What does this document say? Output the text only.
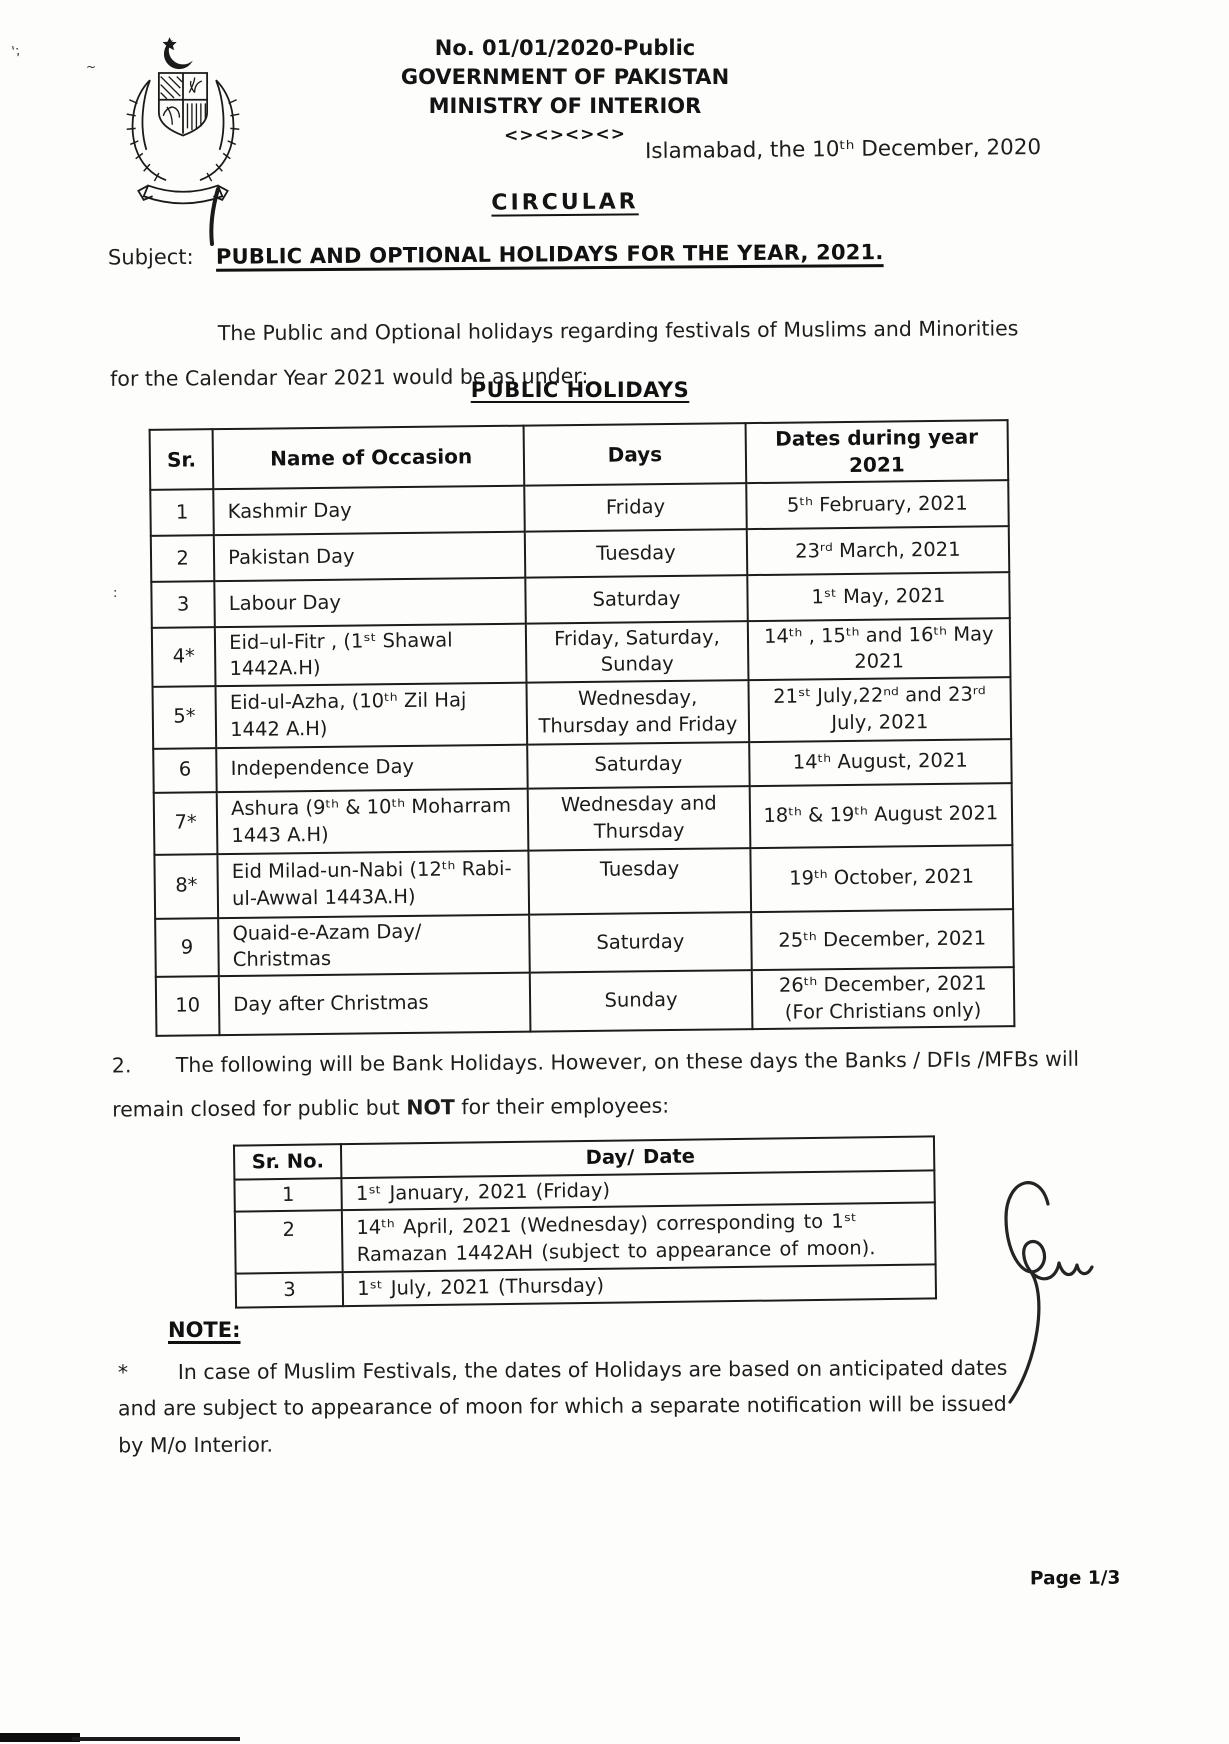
No. 01/01/2020-Public
GOVERNMENT OF PAKISTAN
MINISTRY OF INTERIOR
<><><><> Islamabad, the 10ᵗʰ December, 2020
CIRCULAR
Subject: PUBLIC AND OPTIONAL HOLIDAYS FOR THE YEAR, 2021.

The Public and Optional holidays regarding festivals of Muslims and Minorities for the Calendar Year 2021 would be as under:

PUBLIC HOLIDAYS
Sr.	Name of Occasion	Days	Dates during year 2021
1	Kashmir Day	Friday	5ᵗʰ February, 2021
2	Pakistan Day	Tuesday	23ʳᵈ March, 2021
3	Labour Day	Saturday	1ˢᵗ May, 2021
4*	Eid–ul-Fitr , (1ˢᵗ Shawal 1442A.H)	Friday, Saturday, Sunday	14ᵗʰ , 15ᵗʰ and 16ᵗʰ May 2021
5*	Eid-ul-Azha, (10ᵗʰ Zil Haj 1442 A.H)	Wednesday, Thursday and Friday	21ˢᵗ July,22ⁿᵈ and 23ʳᵈ July, 2021
6	Independence Day	Saturday	14ᵗʰ August, 2021
7*	Ashura (9ᵗʰ & 10ᵗʰ Moharram 1443 A.H)	Wednesday and Thursday	18ᵗʰ & 19ᵗʰ August 2021
8*	Eid Milad-un-Nabi (12ᵗʰ Rabi-ul-Awwal 1443A.H)	Tuesday	19ᵗʰ October, 2021
9	Quaid-e-Azam Day/ Christmas	Saturday	25ᵗʰ December, 2021
10	Day after Christmas	Sunday	26ᵗʰ December, 2021 (For Christians only)
2. The following will be Bank Holidays. However, on these days the Banks / DFIs /MFBs will remain closed for public but NOT for their employees:
Sr. No.	Day/ Date
1	1ˢᵗ January, 2021 (Friday)
2	14ᵗʰ April, 2021 (Wednesday) corresponding to 1ˢᵗ Ramazan 1442AH (subject to appearance of moon).
3	1ˢᵗ July, 2021 (Thursday)
NOTE:
* In case of Muslim Festivals, the dates of Holidays are based on anticipated dates and are subject to appearance of moon for which a separate notification will be issued by M/o Interior.
Page 1/3
';
~
:
